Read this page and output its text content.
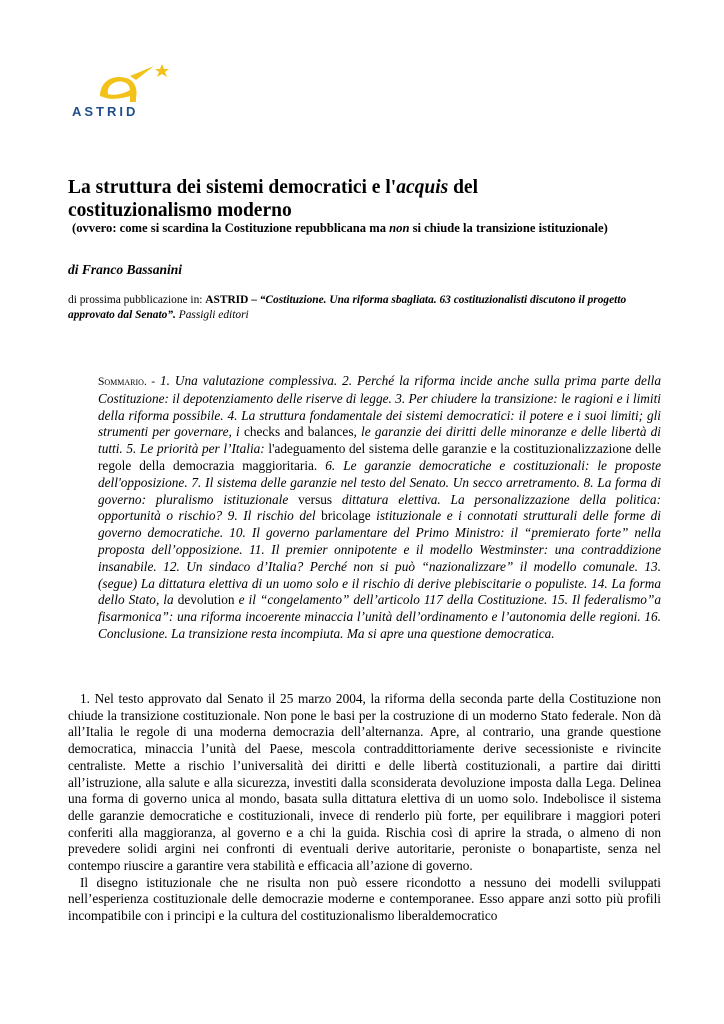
ASTRID
La struttura dei sistemi democratici e l'acquis del
costituzionalismo moderno
(ovvero: come si scardina la Costituzione repubblicana ma non si chiude la transizione istituzionale)
di Franco Bassanini
di prossima pubblicazione in: ASTRID – “Costituzione. Una riforma sbagliata. 63 costituzionalisti discutono il progetto approvato dal Senato”. Passigli editori
Sommario. - 1. Una valutazione complessiva. 2. Perché la riforma incide anche sulla prima parte della Costituzione: il depotenziamento delle riserve di legge. 3. Per chiudere la transizione: le ragioni e i limiti della riforma possibile. 4. La struttura fondamentale dei sistemi democratici: il potere e i suoi limiti; gli strumenti per governare, i checks and balances, le garanzie dei diritti delle minoranze e delle libertà di tutti. 5. Le priorità per l’Italia: l'adeguamento del sistema delle garanzie e la costituzionalizzazione delle regole della democrazia maggioritaria. 6. Le garanzie democratiche e costituzionali: le proposte dell'opposizione. 7. Il sistema delle garanzie nel testo del Senato. Un secco arretramento. 8. La forma di governo: pluralismo istituzionale versus dittatura elettiva. La personalizzazione della politica: opportunità o rischio? 9. Il rischio del bricolage istituzionale e i connotati strutturali delle forme di governo democratiche. 10. Il governo parlamentare del Primo Ministro: il “premierato forte” nella proposta dell’opposizione. 11. Il premier onnipotente e il modello Westminster: una contraddizione insanabile. 12. Un sindaco d’Italia? Perché non si può “nazionalizzare” il modello comunale. 13. (segue) La dittatura elettiva di un uomo solo e il rischio di derive plebiscitarie o populiste. 14. La forma dello Stato, la devolution e il “congelamento” dell’articolo 117 della Costituzione. 15. Il federalismo”a fisarmonica”: una riforma incoerente minaccia l’unità dell’ordinamento e l’autonomia delle regioni. 16. Conclusione. La transizione resta incompiuta. Ma si apre una questione democratica.

1. Nel testo approvato dal Senato il 25 marzo 2004, la riforma della seconda parte della Costituzione non chiude la transizione costituzionale. Non pone le basi per la costruzione di un moderno Stato federale. Non dà all’Italia le regole di una moderna democrazia dell’alternanza. Apre, al contrario, una grande questione democratica, minaccia l’unità del Paese, mescola contraddittoriamente derive secessioniste e rivincite centraliste. Mette a rischio l’universalità dei diritti e delle libertà costituzionali, a partire dai diritti all’istruzione, alla salute e alla sicurezza, investiti dalla sconsiderata devoluzione imposta dalla Lega. Delinea una forma di governo unica al mondo, basata sulla dittatura elettiva di un uomo solo. Indebolisce il sistema delle garanzie democratiche e costituzionali, invece di renderlo più forte, per equilibrare i maggiori poteri conferiti alla maggioranza, al governo e a chi la guida. Rischia così di aprire la strada, o almeno di non prevedere solidi argini nei confronti di eventuali derive autoritarie, peroniste o bonapartiste, senza nel contempo riuscire a garantire vera stabilità e efficacia all’azione di governo.

Il disegno istituzionale che ne risulta non può essere ricondotto a nessuno dei modelli sviluppati nell’esperienza costituzionale delle democrazie moderne e contemporanee. Esso appare anzi sotto più profili incompatibile con i principi e la cultura del costituzionalismo liberaldemocratico
